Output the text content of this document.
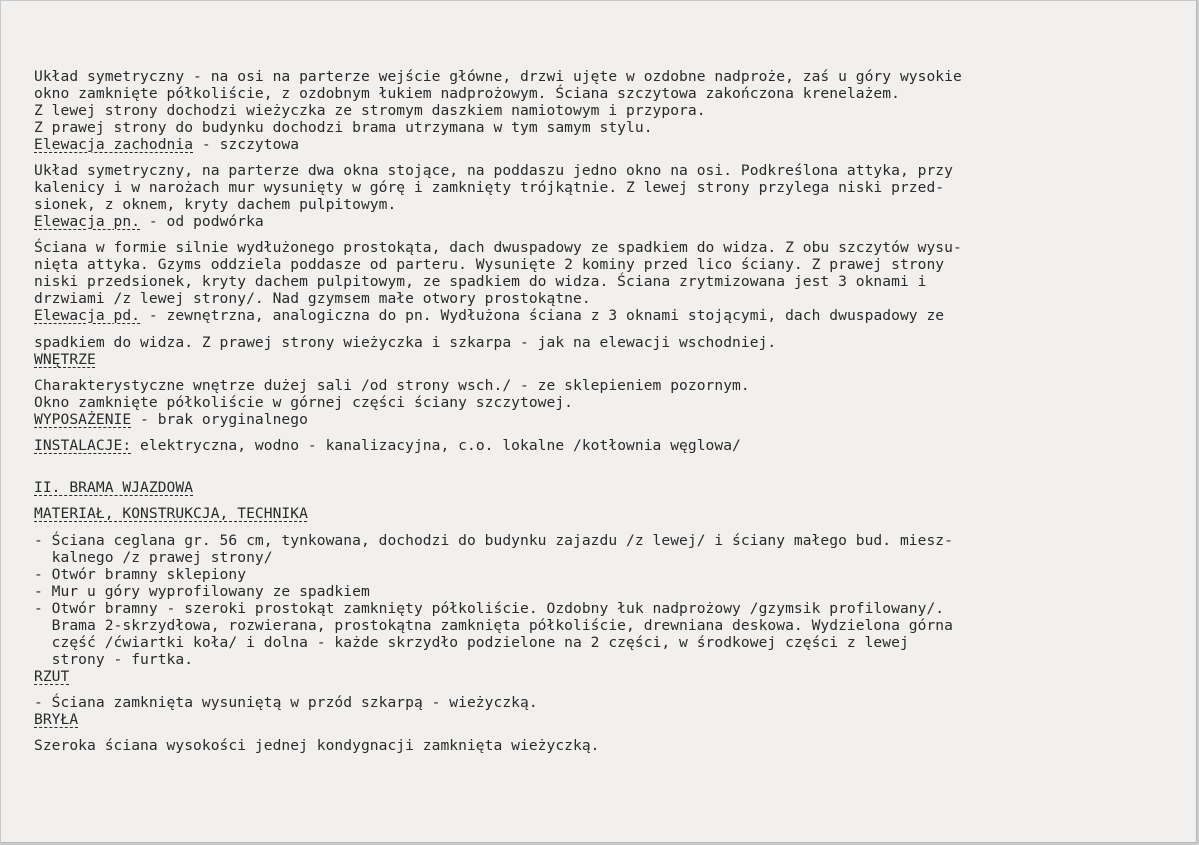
Układ symetryczny - na osi na parterze wejście główne, drzwi ujęte w ozdobne nadproże, zaś u góry wysokie
okno zamknięte półkoliście, z ozdobnym łukiem nadprożowym. Ściana szczytowa zakończona krenelażem.
Z lewej strony dochodzi wieżyczka ze stromym daszkiem namiotowym i przypora.
Z prawej strony do budynku dochodzi brama utrzymana w tym samym stylu.
Elewacja zachodnia - szczytowa
Układ symetryczny, na parterze dwa okna stojące, na poddaszu jedno okno na osi. Podkreślona attyka, przy
kalenicy i w narożach mur wysunięty w górę i zamknięty trójkątnie. Z lewej strony przylega niski przed-
sionek, z oknem, kryty dachem pulpitowym.
Elewacja pn. - od podwórka
Ściana w formie silnie wydłużonego prostokąta, dach dwuspadowy ze spadkiem do widza. Z obu szczytów wysu-
nięta attyka. Gzyms oddziela poddasze od parteru. Wysunięte 2 kominy przed lico ściany. Z prawej strony
niski przedsionek, kryty dachem pulpitowym, ze spadkiem do widza. Ściana zrytmizowana jest 3 oknami i
drzwiami /z lewej strony/. Nad gzymsem małe otwory prostokątne.
Elewacja pd. - zewnętrzna, analogiczna do pn. Wydłużona ściana z 3 oknami stojącymi, dach dwuspadowy ze
spadkiem do widza. Z prawej strony wieżyczka i szkarpa - jak na elewacji wschodniej.
WNĘTRZE
Charakterystyczne wnętrze dużej sali /od strony wsch./ - ze sklepieniem pozornym.
Okno zamknięte półkoliście w górnej części ściany szczytowej.
WYPOSAŻENIE - brak oryginalnego
INSTALACJE: elektryczna, wodno - kanalizacyjna, c.o. lokalne /kotłownia węglowa/
II. BRAMA WJAZDOWA
MATERIAŁ, KONSTRUKCJA, TECHNIKA
- Ściana ceglana gr. 56 cm, tynkowana, dochodzi do budynku zajazdu /z lewej/ i ściany małego bud. miesz-
kalnego /z prawej strony/
- Otwór bramny sklepiony
- Mur u góry wyprofilowany ze spadkiem
- Otwór bramny - szeroki prostokąt zamknięty półkoliście. Ozdobny łuk nadprożowy /gzymsik profilowany/.
Brama 2-skrzydłowa, rozwierana, prostokątna zamknięta półkoliście, drewniana deskowa. Wydzielona górna
część /ćwiartki koła/ i dolna - każde skrzydło podzielone na 2 części, w środkowej części z lewej
strony - furtka.
RZUT
- Ściana zamknięta wysuniętą w przód szkarpą - wieżyczką.
BRYŁA
Szeroka ściana wysokości jednej kondygnacji zamknięta wieżyczką.
